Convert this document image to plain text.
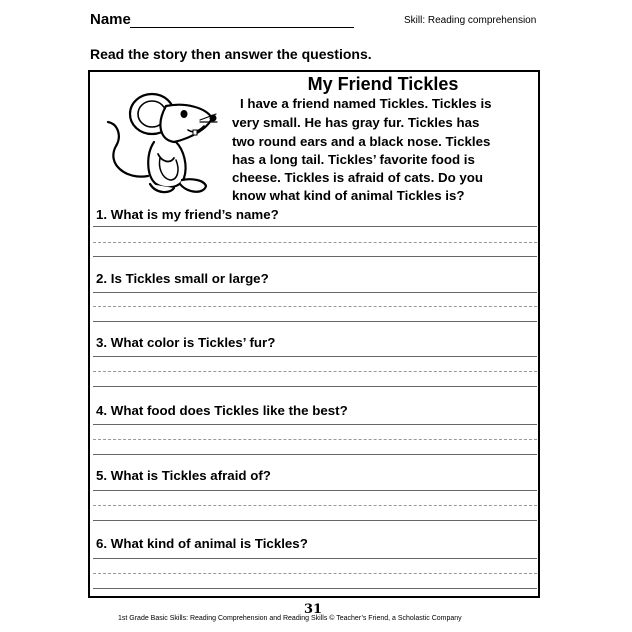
Name	Skill: Reading comprehension
Read the story then answer the questions.
My Friend Tickles
I have a friend named Tickles. Tickles is
very small. He has gray fur. Tickles has
two round ears and a black nose. Tickles
has a long tail. Tickles’ favorite food is
cheese. Tickles is afraid of cats. Do you
know what kind of animal Tickles is?
1. What is my friend’s name?
2. Is Tickles small or large?
3. What color is Tickles’ fur?
4. What food does Tickles like the best?
5. What is Tickles afraid of?
6. What kind of animal is Tickles?
31
1st Grade Basic Skills: Reading Comprehension and Reading Skills © Teacher’s Friend, a Scholastic Company
